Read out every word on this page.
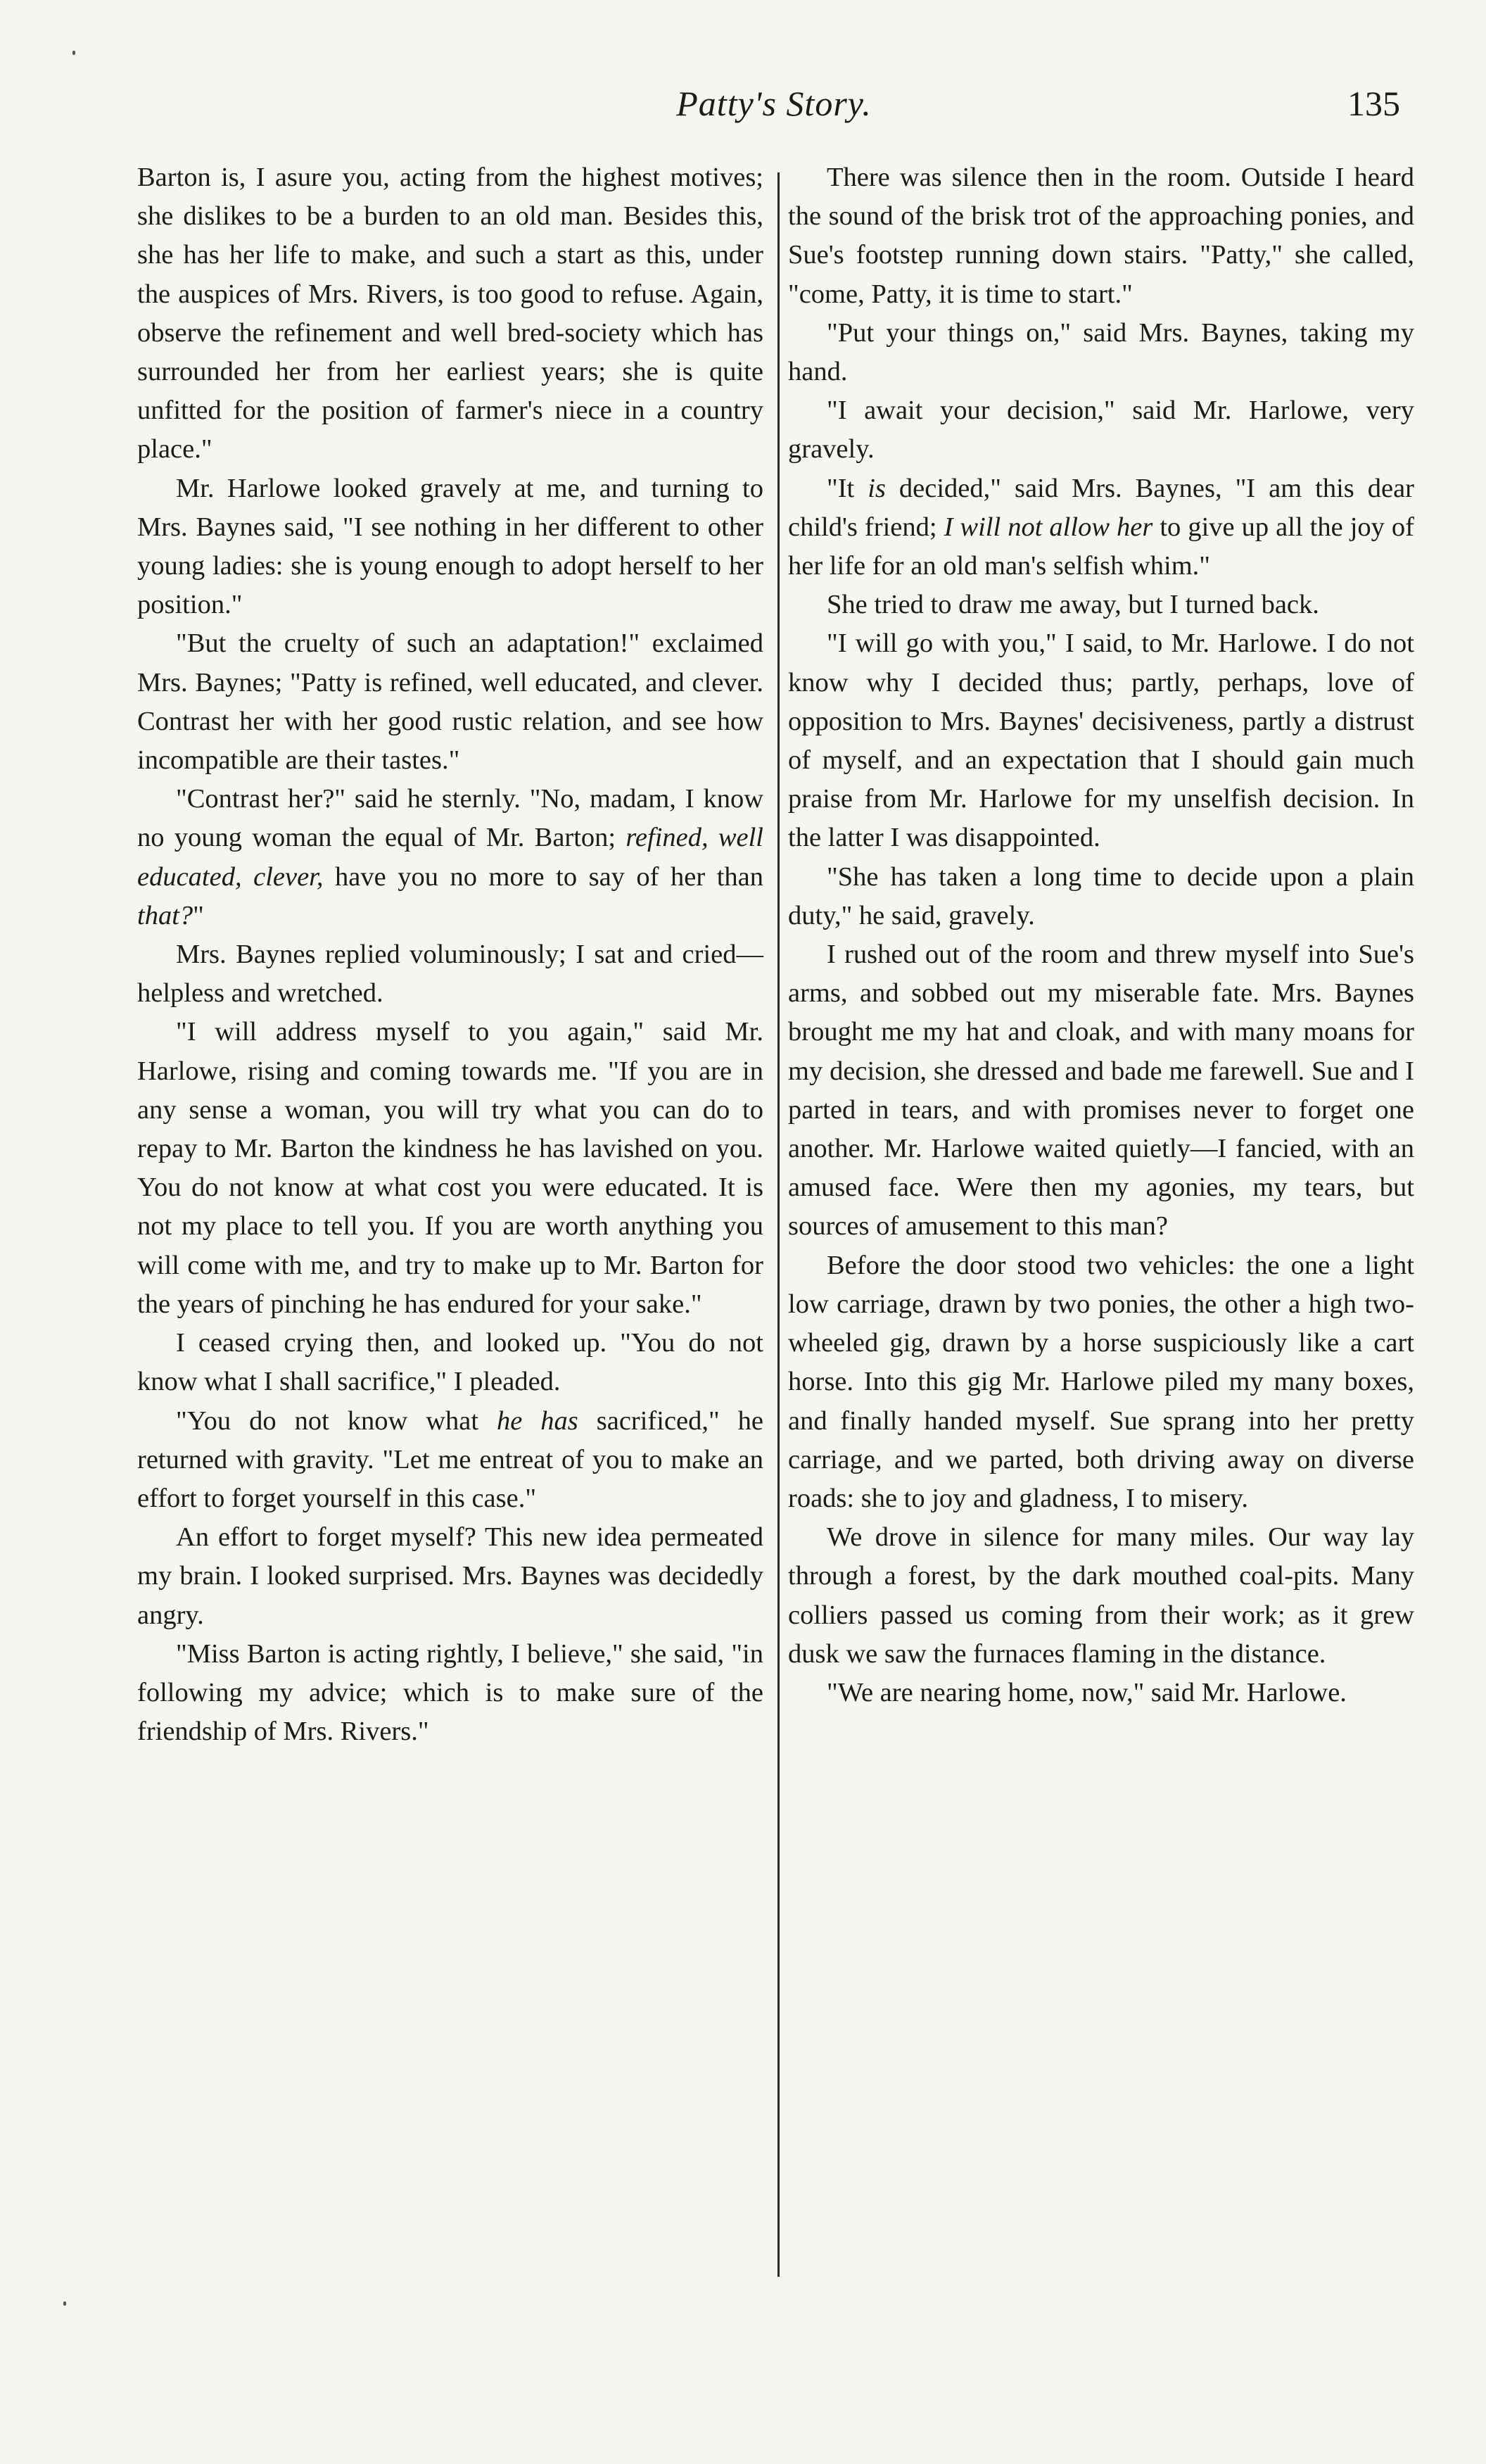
Patty's Story.	135

Barton is, I asure you, acting from the highest motives; she dislikes to be a burden to an old man. Besides this, she has her life to make, and such a start as this, under the auspices of Mrs. Rivers, is too good to refuse. Again, observe the refinement and well bred-society which has surrounded her from her earliest years; she is quite unfitted for the position of farmer's niece in a country place."

Mr. Harlowe looked gravely at me, and turning to Mrs. Baynes said, "I see nothing in her different to other young ladies: she is young enough to adopt herself to her position."

"But the cruelty of such an adaptation!" exclaimed Mrs. Baynes; "Patty is refined, well educated, and clever. Contrast her with her good rustic relation, and see how incompatible are their tastes."

"Contrast her?" said he sternly. "No, madam, I know no young woman the equal of Mr. Barton; refined, well educated, clever, have you no more to say of her than that?"

Mrs. Baynes replied voluminously; I sat and cried—helpless and wretched.

"I will address myself to you again," said Mr. Harlowe, rising and coming towards me. "If you are in any sense a woman, you will try what you can do to repay to Mr. Barton the kindness he has lavished on you. You do not know at what cost you were educated. It is not my place to tell you. If you are worth anything you will come with me, and try to make up to Mr. Barton for the years of pinching he has endured for your sake."

I ceased crying then, and looked up. "You do not know what I shall sacrifice," I pleaded.

"You do not know what he has sacrificed," he returned with gravity. "Let me entreat of you to make an effort to forget yourself in this case."

An effort to forget myself? This new idea permeated my brain. I looked surprised. Mrs. Baynes was decidedly angry.

"Miss Barton is acting rightly, I believe," she said, "in following my advice; which is to make sure of the friendship of Mrs. Rivers."

There was silence then in the room. Outside I heard the sound of the brisk trot of the approaching ponies, and Sue's footstep running down stairs. "Patty," she called, "come, Patty, it is time to start."

"Put your things on," said Mrs. Baynes, taking my hand.

"I await your decision," said Mr. Harlowe, very gravely.

"It is decided," said Mrs. Baynes, "I am this dear child's friend; I will not allow her to give up all the joy of her life for an old man's selfish whim."

She tried to draw me away, but I turned back.

"I will go with you," I said, to Mr. Harlowe. I do not know why I decided thus; partly, perhaps, love of opposition to Mrs. Baynes' decisiveness, partly a distrust of myself, and an expectation that I should gain much praise from Mr. Harlowe for my unselfish decision. In the latter I was disappointed.

"She has taken a long time to decide upon a plain duty," he said, gravely.

I rushed out of the room and threw myself into Sue's arms, and sobbed out my miserable fate. Mrs. Baynes brought me my hat and cloak, and with many moans for my decision, she dressed and bade me farewell. Sue and I parted in tears, and with promises never to forget one another. Mr. Harlowe waited quietly—I fancied, with an amused face. Were then my agonies, my tears, but sources of amusement to this man?

Before the door stood two vehicles: the one a light low carriage, drawn by two ponies, the other a high two-wheeled gig, drawn by a horse suspiciously like a cart horse. Into this gig Mr. Harlowe piled my many boxes, and finally handed myself. Sue sprang into her pretty carriage, and we parted, both driving away on diverse roads: she to joy and gladness, I to misery.

We drove in silence for many miles. Our way lay through a forest, by the dark mouthed coal-pits. Many colliers passed us coming from their work; as it grew dusk we saw the furnaces flaming in the distance.

"We are nearing home, now," said Mr. Harlowe.
